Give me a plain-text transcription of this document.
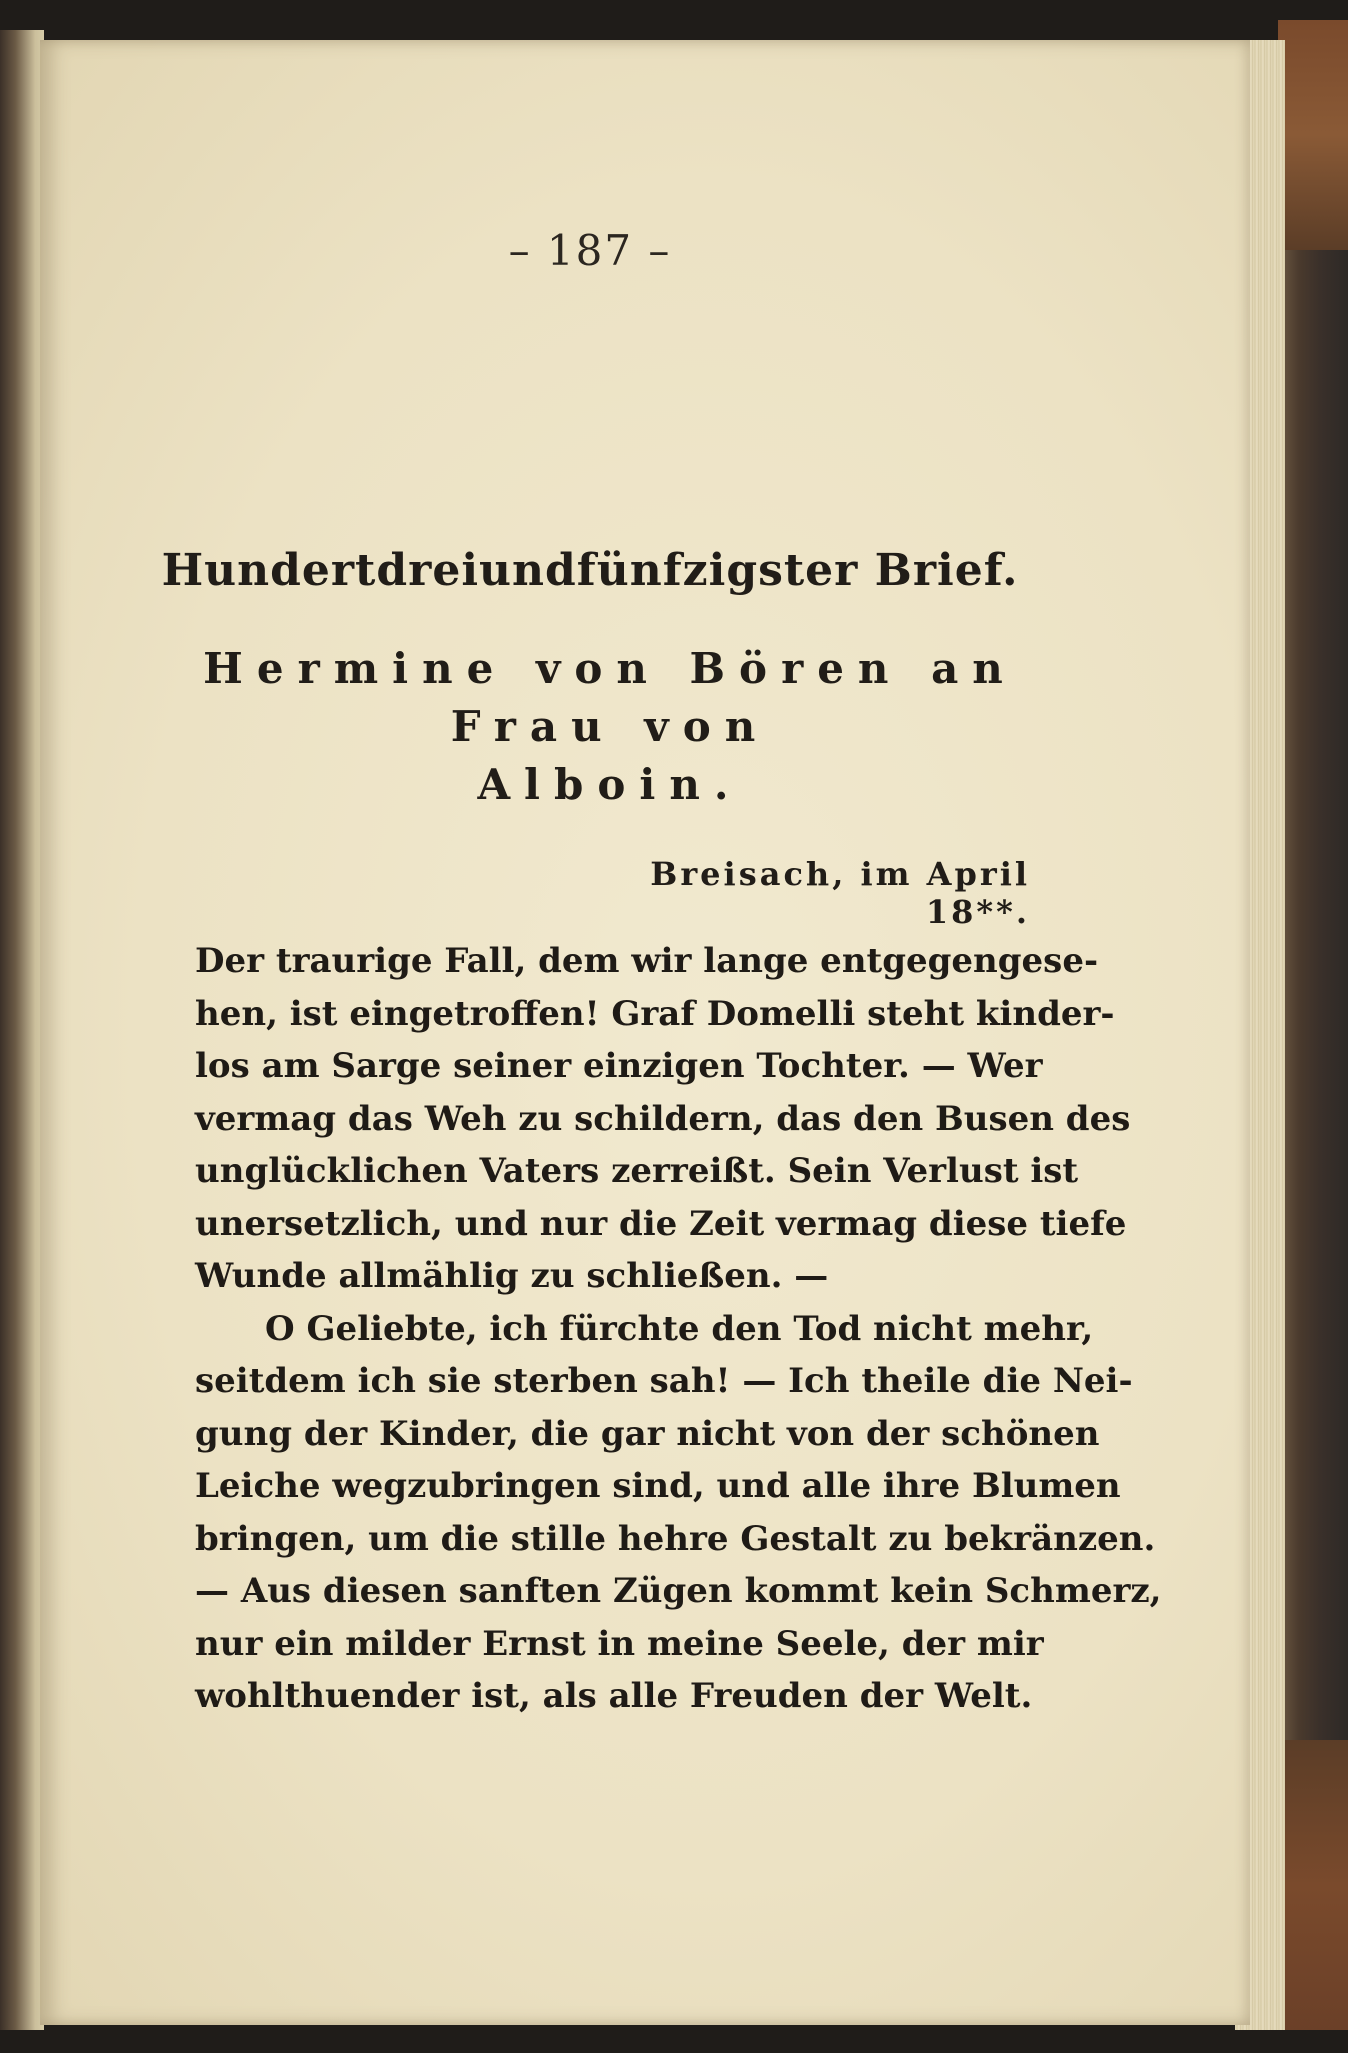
– 187 –
Hundertdreiundfünfzigster Brief.
Hermine von Bören an Frau von
Alboin.
Breisach, im April 18**.
Der traurige Fall, dem wir lange entgegengese-
hen, ist eingetroffen! Graf Domelli steht kinder-
los am Sarge seiner einzigen Tochter. — Wer
vermag das Weh zu schildern, das den Busen des
unglücklichen Vaters zerreißt. Sein Verlust ist
unersetzlich, und nur die Zeit vermag diese tiefe
Wunde allmählig zu schließen. —
O Geliebte, ich fürchte den Tod nicht mehr,
seitdem ich sie sterben sah! — Ich theile die Nei-
gung der Kinder, die gar nicht von der schönen
Leiche wegzubringen sind, und alle ihre Blumen
bringen, um die stille hehre Gestalt zu bekränzen.
— Aus diesen sanften Zügen kommt kein Schmerz,
nur ein milder Ernst in meine Seele, der mir
wohlthuender ist, als alle Freuden der Welt.
